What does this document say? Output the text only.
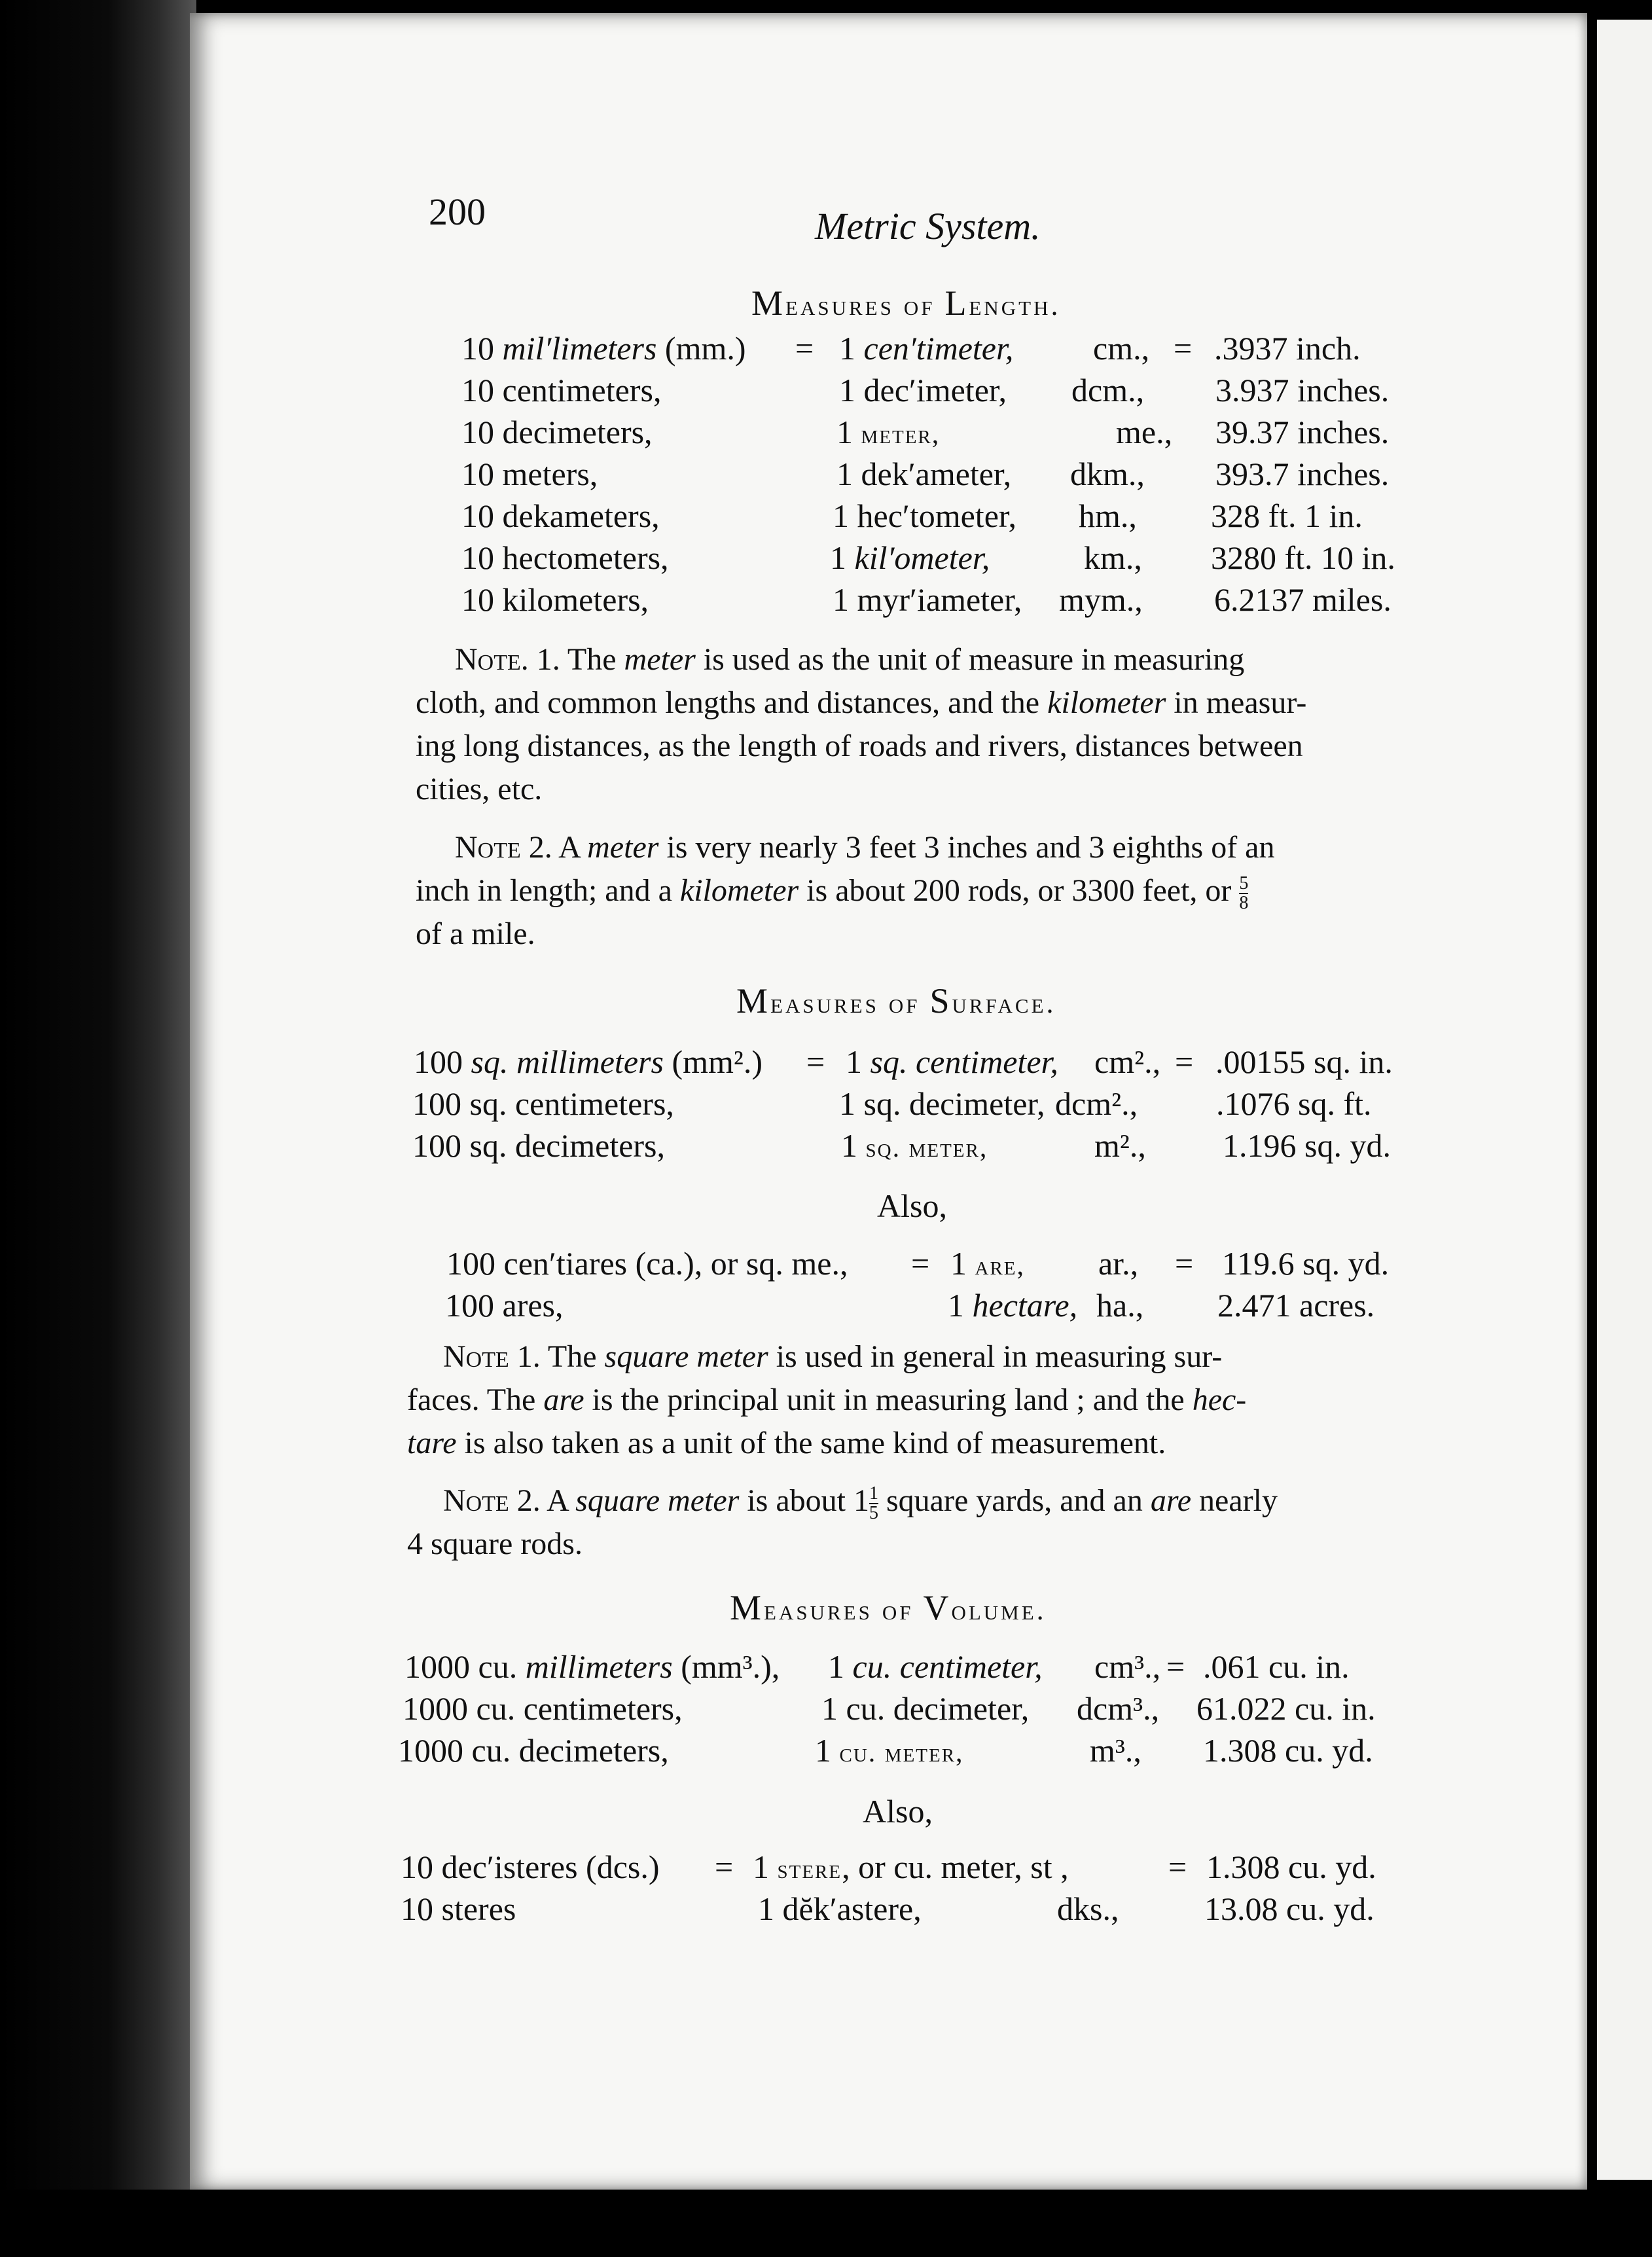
200	Metric System.
Measures of Length.
10 mil′limeters (mm.) = 1 cen′timeter, cm., = .3937 inch.
10 centimeters,	1 dec′imeter, dcm., 3.937 inches.
10 decimeters,	1 meter,	me., 39.37 inches.
10 meters,	1 dek′ameter, dkm., 393.7 inches.
10 dekameters,	1 hec′tometer, hm., 328 ft. 1 in.
10 hectometers,	1 kil′ometer,	km., 3280 ft. 10 in.
10 kilometers,	1 myr′iameter, mym., 6.2137 miles.
Note. 1. The meter is used as the unit of measure in measuring
cloth, and common lengths and distances, and the kilometer in measur-
ing long distances, as the length of roads and rivers, distances between
cities, etc.
Note 2. A meter is very nearly 3 feet 3 inches and 3 eighths of an
inch in length; and a kilometer is about 200 rods, or 3300 feet, or $\frac{5}{8}$
of a mile.
Measures of Surface.
100 sq. millimeters (mm².) = 1 sq. centimeter, cm²., = .00155 sq. in.
100 sq. centimeters,	1 sq. decimeter, dcm²., .1076 sq. ft.
100 sq. decimeters,	1 sq. meter,	m²., 1.196 sq. yd.
Also,
100 cen′tiares (ca.), or sq. me., = 1 are, ar., = 119.6 sq. yd.
100 ares,	1 hectare, ha., 2.471 acres.
Note 1. The square meter is used in general in measuring sur-
faces. The are is the principal unit in measuring land ; and the hec-
tare is also taken as a unit of the same kind of measurement.
Note 2. A square meter is about $1 \frac{1}{5}$ square yards, and an are nearly
4 square rods.
Measures of Volume.
1000 cu. millimeters (mm³.), 1 cu. centimeter, cm³., = .061 cu. in.
1000 cu. centimeters,	1 cu. decimeter, dcm³., 61.022 cu. in.
1000 cu. decimeters,	1 cu. meter,	m³., 1.308 cu. yd.
Also,
10 dec′isteres (dcs.) = 1 stere, or cu. meter, st ,	= 1.308 cu. yd.
10 steres	1 dĕk′astere,	dks.,	13.08 cu. yd.
